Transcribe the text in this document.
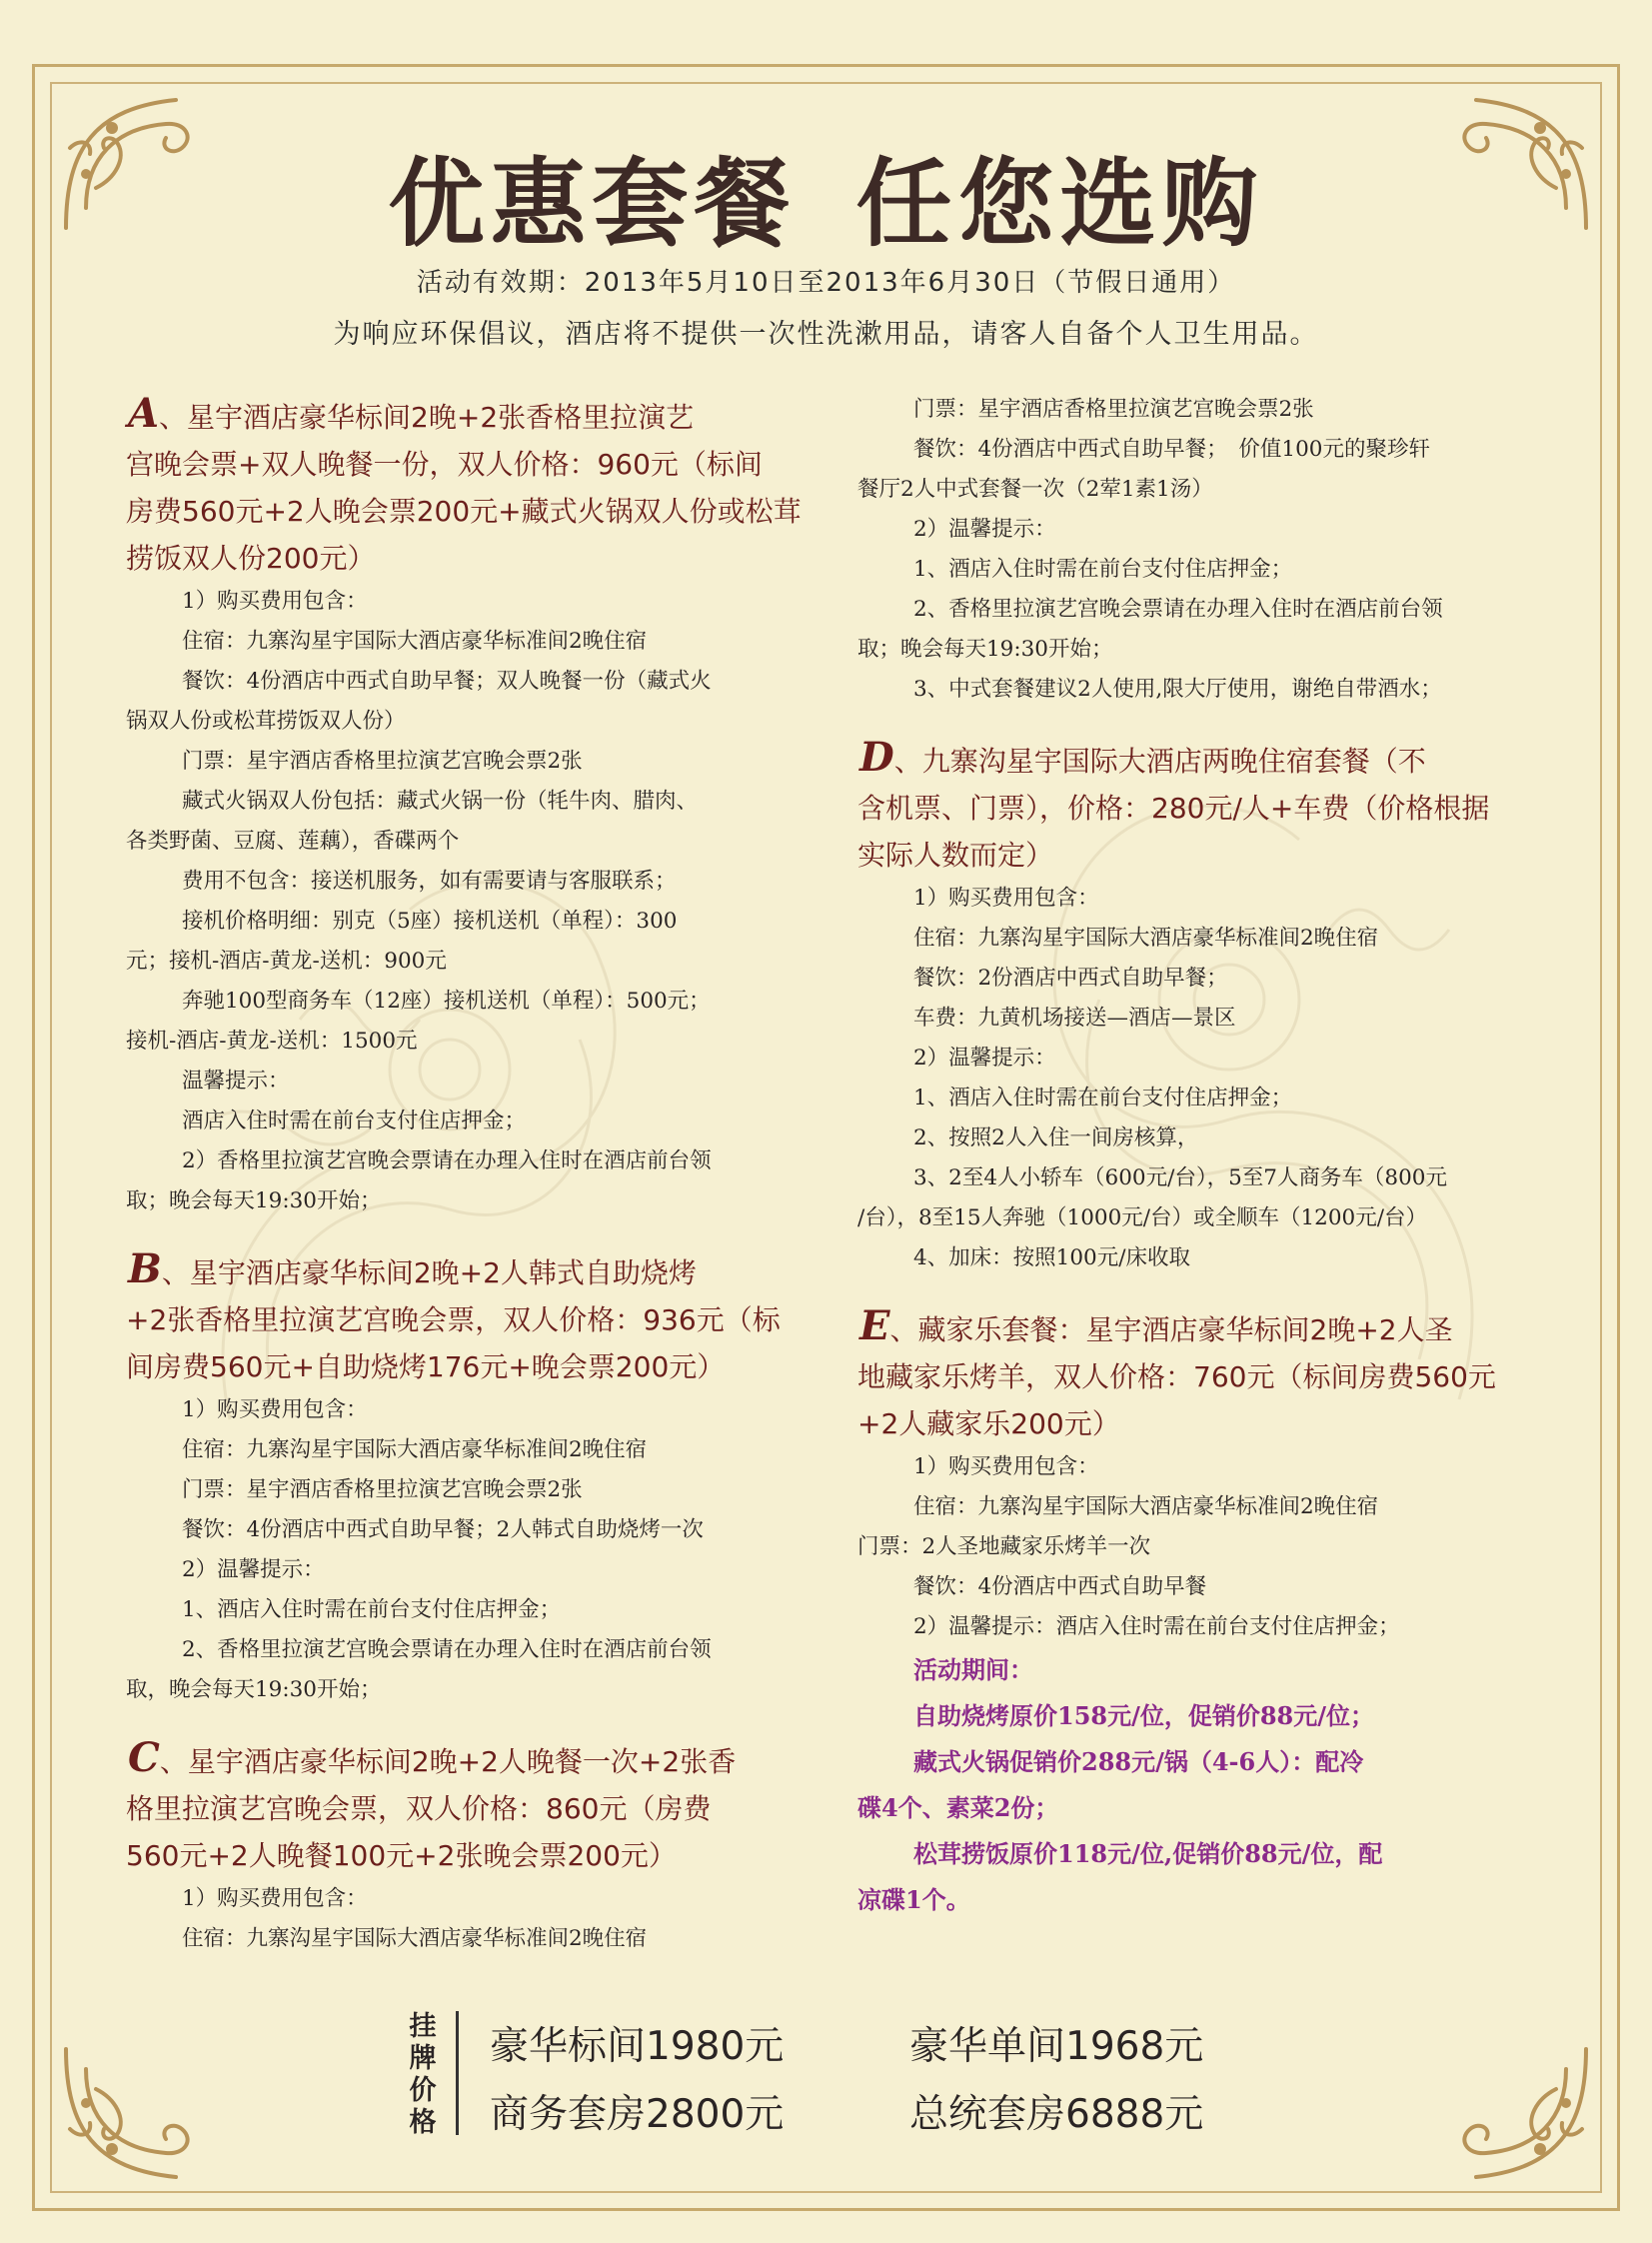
优惠套餐 任您选购
活动有效期：2013年5月10日至2013年6月30日（节假日通用）
为响应环保倡议，酒店将不提供一次性洗漱用品，请客人自备个人卫生用品。
A、星宇酒店豪华标间2晚+2张香格里拉演艺
宫晚会票+双人晚餐一份，双人价格：960元（标间
房费560元+2人晚会票200元+藏式火锅双人份或松茸
捞饭双人份200元）
1）购买费用包含：
住宿：九寨沟星宇国际大酒店豪华标准间2晚住宿
餐饮：4份酒店中西式自助早餐；双人晚餐一份（藏式火
锅双人份或松茸捞饭双人份）
门票：星宇酒店香格里拉演艺宫晚会票2张
藏式火锅双人份包括：藏式火锅一份（牦牛肉、腊肉、
各类野菌、豆腐、莲藕），香碟两个
费用不包含：接送机服务，如有需要请与客服联系；
接机价格明细：别克（5座）接机送机（单程）：300
元；接机-酒店-黄龙-送机：900元
奔驰100型商务车（12座）接机送机（单程）：500元；
接机-酒店-黄龙-送机：1500元
温馨提示：
酒店入住时需在前台支付住店押金；
2）香格里拉演艺宫晚会票请在办理入住时在酒店前台领
取；晚会每天19:30开始；
B、星宇酒店豪华标间2晚+2人韩式自助烧烤
+2张香格里拉演艺宫晚会票，双人价格：936元（标
间房费560元+自助烧烤176元+晚会票200元）
1）购买费用包含：
住宿：九寨沟星宇国际大酒店豪华标准间2晚住宿
门票：星宇酒店香格里拉演艺宫晚会票2张
餐饮：4份酒店中西式自助早餐；2人韩式自助烧烤一次
2）温馨提示：
1、酒店入住时需在前台支付住店押金；
2、香格里拉演艺宫晚会票请在办理入住时在酒店前台领
取，晚会每天19:30开始；
C、星宇酒店豪华标间2晚+2人晚餐一次+2张香
格里拉演艺宫晚会票，双人价格：860元（房费
560元+2人晚餐100元+2张晚会票200元）
1）购买费用包含：
住宿：九寨沟星宇国际大酒店豪华标准间2晚住宿
门票：星宇酒店香格里拉演艺宫晚会票2张
餐饮：4份酒店中西式自助早餐；　价值100元的聚珍轩
餐厅2人中式套餐一次（2荤1素1汤）
2）温馨提示：
1、酒店入住时需在前台支付住店押金；
2、香格里拉演艺宫晚会票请在办理入住时在酒店前台领
取；晚会每天19:30开始；
3、中式套餐建议2人使用,限大厅使用，谢绝自带酒水；
D、九寨沟星宇国际大酒店两晚住宿套餐（不
含机票、门票），价格：280元/人+车费（价格根据
实际人数而定）
1）购买费用包含：
住宿：九寨沟星宇国际大酒店豪华标准间2晚住宿
餐饮：2份酒店中西式自助早餐；
车费：九黄机场接送—酒店—景区
2）温馨提示：
1、酒店入住时需在前台支付住店押金；
2、按照2人入住一间房核算，
3、2至4人小轿车（600元/台），5至7人商务车（800元
/台），8至15人奔驰（1000元/台）或全顺车（1200元/台）
4、加床：按照100元/床收取
E、藏家乐套餐：星宇酒店豪华标间2晚+2人圣
地藏家乐烤羊，双人价格：760元（标间房费560元
+2人藏家乐200元）
1）购买费用包含：
住宿：九寨沟星宇国际大酒店豪华标准间2晚住宿
门票：2人圣地藏家乐烤羊一次
餐饮：4份酒店中西式自助早餐
2）温馨提示：酒店入住时需在前台支付住店押金；
活动期间：
自助烧烤原价158元/位，促销价88元/位；
藏式火锅促销价288元/锅（4-6人）：配冷
碟4个、素菜2份；
松茸捞饭原价118元/位,促销价88元/位，配
凉碟1个。
挂牌价格
豪华标间1980元	豪华单间1968元
商务套房2800元	总统套房6888元
